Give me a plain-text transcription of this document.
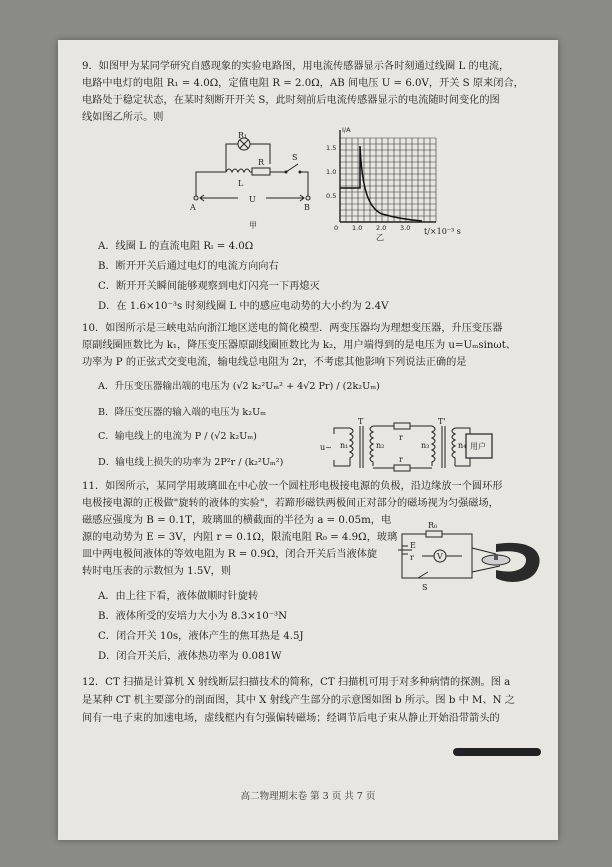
9．如图甲为某同学研究自感现象的实验电路图，用电流传感器显示各时刻通过线圈 L 的电流，
电路中电灯的电阻 R₁ = 4.0Ω，定值电阻 R = 2.0Ω，AB 间电压 U = 6.0V，开关 S 原来闭合，
电路处于稳定状态，在某时刻断开开关 S，此时刻前后电流传感器显示的电流随时间变化的图
线如图乙所示。则
R₁
L
R
S
U
A	B
甲
I/A
1.5
1.0
0.5
0 1.0 2.0 3.0 t/×10⁻³ s
乙
A．线圈 L 的直流电阻 Rₗ = 4.0Ω
B．断开开关后通过电灯的电流方向向右
C．断开开关瞬间能够观察到电灯闪亮一下再熄灭
D．在 1.6×10⁻³s 时刻线圈 L 中的感应电动势的大小约为 2.4V
10．如图所示是三峡电站向浙江地区送电的简化模型．两变压器均为理想变压器，升压变压器
原副线圈匝数比为 k₁，降压变压器原副线圈匝数比为 k₂，用户端得到的是电压为 u=Uₘsinωt、
功率为 P 的正弦式交变电流，输电线总电阻为 2r，不考虑其他影响下列说法正确的是
A．升压变压器输出端的电压为 (√2 k₂²Uₘ² + 4√2 Pr) / (2k₂Uₘ)
B．降压变压器的输入端的电压为 k₂Uₘ
C．输电线上的电流为 P / (√2 k₂Uₘ)
D．输电线上损失的功率为 2P²r / (k₂²Uₘ²)
u~ n₁	n₂
T
r
r
n₃	n₄
T'
用户
11．如图所示，某同学用玻璃皿在中心放一个圆柱形电极接电源的负极，沿边缘放一个圆环形
电极接电源的正极做"旋转的液体的实验"，若蹄形磁铁两极间正对部分的磁场视为匀强磁场，
磁感应强度为 B = 0.1T，玻璃皿的横截面的半径为 a = 0.05m，电
源的电动势为 E = 3V，内阻 r = 0.1Ω，限流电阻 R₀ = 4.9Ω，玻璃
皿中两电极间液体的等效电阻为 R = 0.9Ω，闭合开关后当液体旋
转时电压表的示数恒为 1.5V，则
E
r
R₀
V
S
A．由上往下看，液体做顺时针旋转
B．液体所受的安培力大小为 8.3×10⁻³N
C．闭合开关 10s，液体产生的焦耳热是 4.5J
D．闭合开关后，液体热功率为 0.081W
12．CT 扫描是计算机 X 射线断层扫描技术的简称，CT 扫描机可用于对多种病情的探测。图 a
是某种 CT 机主要部分的剖面图，其中 X 射线产生部分的示意图如图 b 所示。图 b 中 M、N 之
间有一电子束的加速电场，虚线框内有匀强偏转磁场；经调节后电子束从静止开始沿带箭头的
高二物理期末卷 第 3 页 共 7 页
